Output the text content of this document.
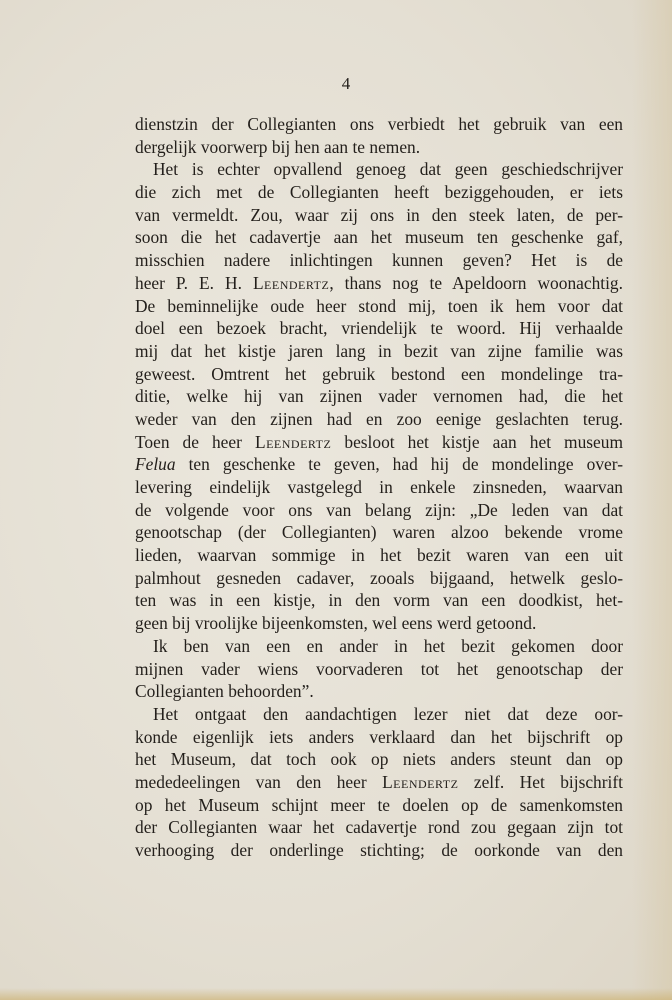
4
dienstzin der Collegianten ons verbiedt het gebruik van een
dergelijk voorwerp bij hen aan te nemen.
Het is echter opvallend genoeg dat geen geschiedschrijver
die zich met de Collegianten heeft beziggehouden, er iets
van vermeldt. Zou, waar zij ons in den steek laten, de per-
soon die het cadavertje aan het museum ten geschenke gaf,
misschien nadere inlichtingen kunnen geven? Het is de
heer P. E. H. Leendertz, thans nog te Apeldoorn woonachtig.
De beminnelijke oude heer stond mij, toen ik hem voor dat
doel een bezoek bracht, vriendelijk te woord. Hij verhaalde
mij dat het kistje jaren lang in bezit van zijne familie was
geweest. Omtrent het gebruik bestond een mondelinge tra-
ditie, welke hij van zijnen vader vernomen had, die het
weder van den zijnen had en zoo eenige geslachten terug.
Toen de heer Leendertz besloot het kistje aan het museum
Felua ten geschenke te geven, had hij de mondelinge over-
levering eindelijk vastgelegd in enkele zinsneden, waarvan
de volgende voor ons van belang zijn: „De leden van dat
genootschap (der Collegianten) waren alzoo bekende vrome
lieden, waarvan sommige in het bezit waren van een uit
palmhout gesneden cadaver, zooals bijgaand, hetwelk geslo-
ten was in een kistje, in den vorm van een doodkist, het-
geen bij vroolijke bijeenkomsten, wel eens werd getoond.
Ik ben van een en ander in het bezit gekomen door
mijnen vader wiens voorvaderen tot het genootschap der
Collegianten behoorden”.
Het ontgaat den aandachtigen lezer niet dat deze oor-
konde eigenlijk iets anders verklaard dan het bijschrift op
het Museum, dat toch ook op niets anders steunt dan op
mededeelingen van den heer Leendertz zelf. Het bijschrift
op het Museum schijnt meer te doelen op de samenkomsten
der Collegianten waar het cadavertje rond zou gegaan zijn tot
verhooging der onderlinge stichting; de oorkonde van den
